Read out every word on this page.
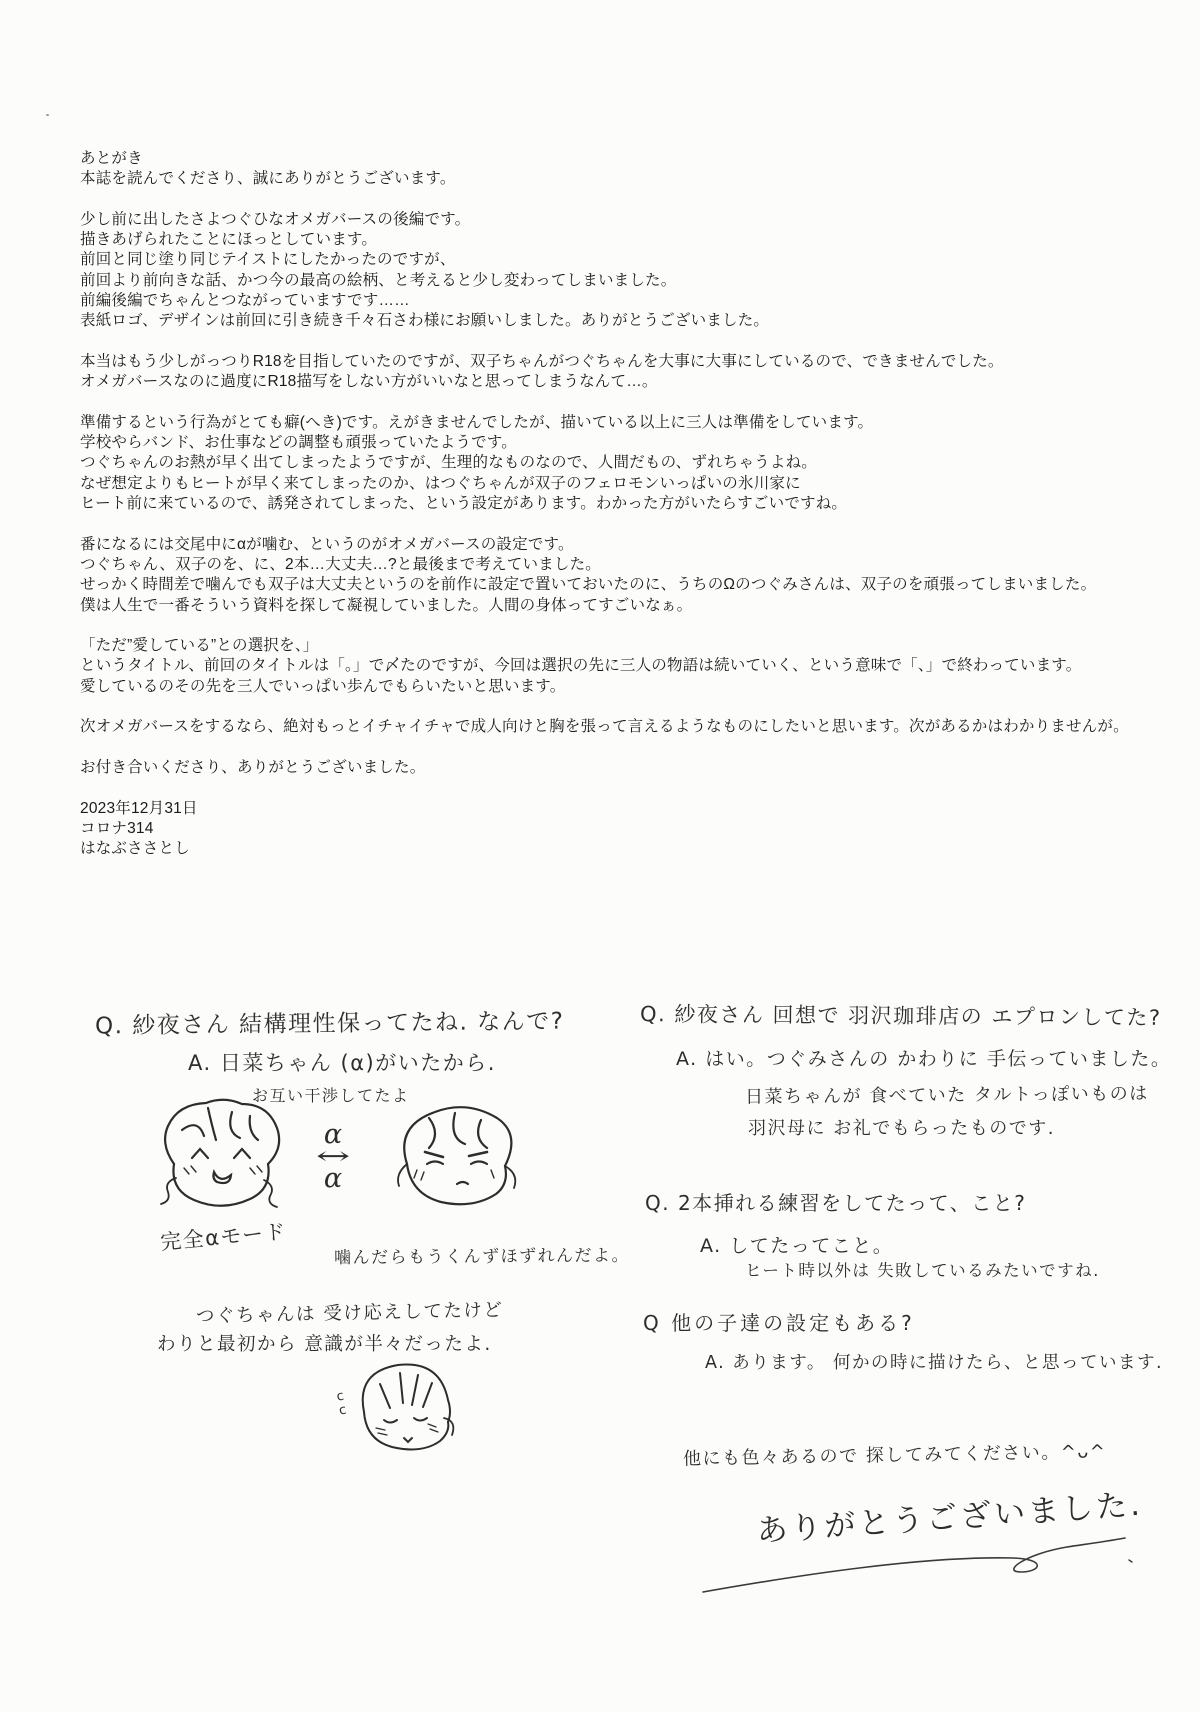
あとがき
本誌を読んでくださり、誠にありがとうございます。

少し前に出したさよつぐひなオメガバースの後編です。
描きあげられたことにほっとしています。
前回と同じ塗り同じテイストにしたかったのですが、
前回より前向きな話、かつ今の最高の絵柄、と考えると少し変わってしまいました。
前編後編でちゃんとつながっていますです……
表紙ロゴ、デザインは前回に引き続き千々石さわ様にお願いしました。ありがとうございました。

本当はもう少しがっつりR18を目指していたのですが、双子ちゃんがつぐちゃんを大事に大事にしているので、できませんでした。
オメガバースなのに過度にR18描写をしない方がいいなと思ってしまうなんて…。

準備するという行為がとても癖(へき)です。えがきませんでしたが、描いている以上に三人は準備をしています。
学校やらバンド、お仕事などの調整も頑張っていたようです。
つぐちゃんのお熱が早く出てしまったようですが、生理的なものなので、人間だもの、ずれちゃうよね。
なぜ想定よりもヒートが早く来てしまったのか、はつぐちゃんが双子のフェロモンいっぱいの氷川家に
ヒート前に来ているので、誘発されてしまった、という設定があります。わかった方がいたらすごいですね。

番になるには交尾中にαが噛む、というのがオメガバースの設定です。
つぐちゃん、双子のを、に、2本…大丈夫…?と最後まで考えていました。
せっかく時間差で噛んでも双子は大丈夫というのを前作に設定で置いておいたのに、うちのΩのつぐみさんは、双子のを頑張ってしまいました。
僕は人生で一番そういう資料を探して凝視していました。人間の身体ってすごいなぁ。

「ただ”愛している”との選択を、」
というタイトル、前回のタイトルは「。」で〆たのですが、今回は選択の先に三人の物語は続いていく、という意味で「、」で終わっています。
愛しているのその先を三人でいっぱい歩んでもらいたいと思います。

次オメガバースをするなら、絶対もっとイチャイチャで成人向けと胸を張って言えるようなものにしたいと思います。次があるかはわかりませんが。

お付き合いくださり、ありがとうございました。

2023年12月31日
コロナ314
はなぶささとし
Q. 紗夜さん 結構理性保ってたね. なんで?
A. 日菜ちゃん (α)がいたから.
お互い干渉してたよ
α
↔
α
完全αモード
噛んだらもうくんずほずれんだよ。
つぐちゃんは 受け応えしてたけど
わりと最初から 意識が半々だったよ.
c
c
Q. 紗夜さん 回想で 羽沢珈琲店の エプロンしてた?
A. はい。つぐみさんの かわりに 手伝っていました。
日菜ちゃんが 食べていた タルトっぽいものは
羽沢母に お礼でもらったものです.
Q. 2本挿れる練習をしてたって、こと?
A. してたってこと。
ヒート時以外は 失敗しているみたいですね.
Q 他の子達の設定もある?
A. あります。 何かの時に描けたら、と思っています.
他にも色々あるので 探してみてください。^ᴗ^
ありがとうございました.
